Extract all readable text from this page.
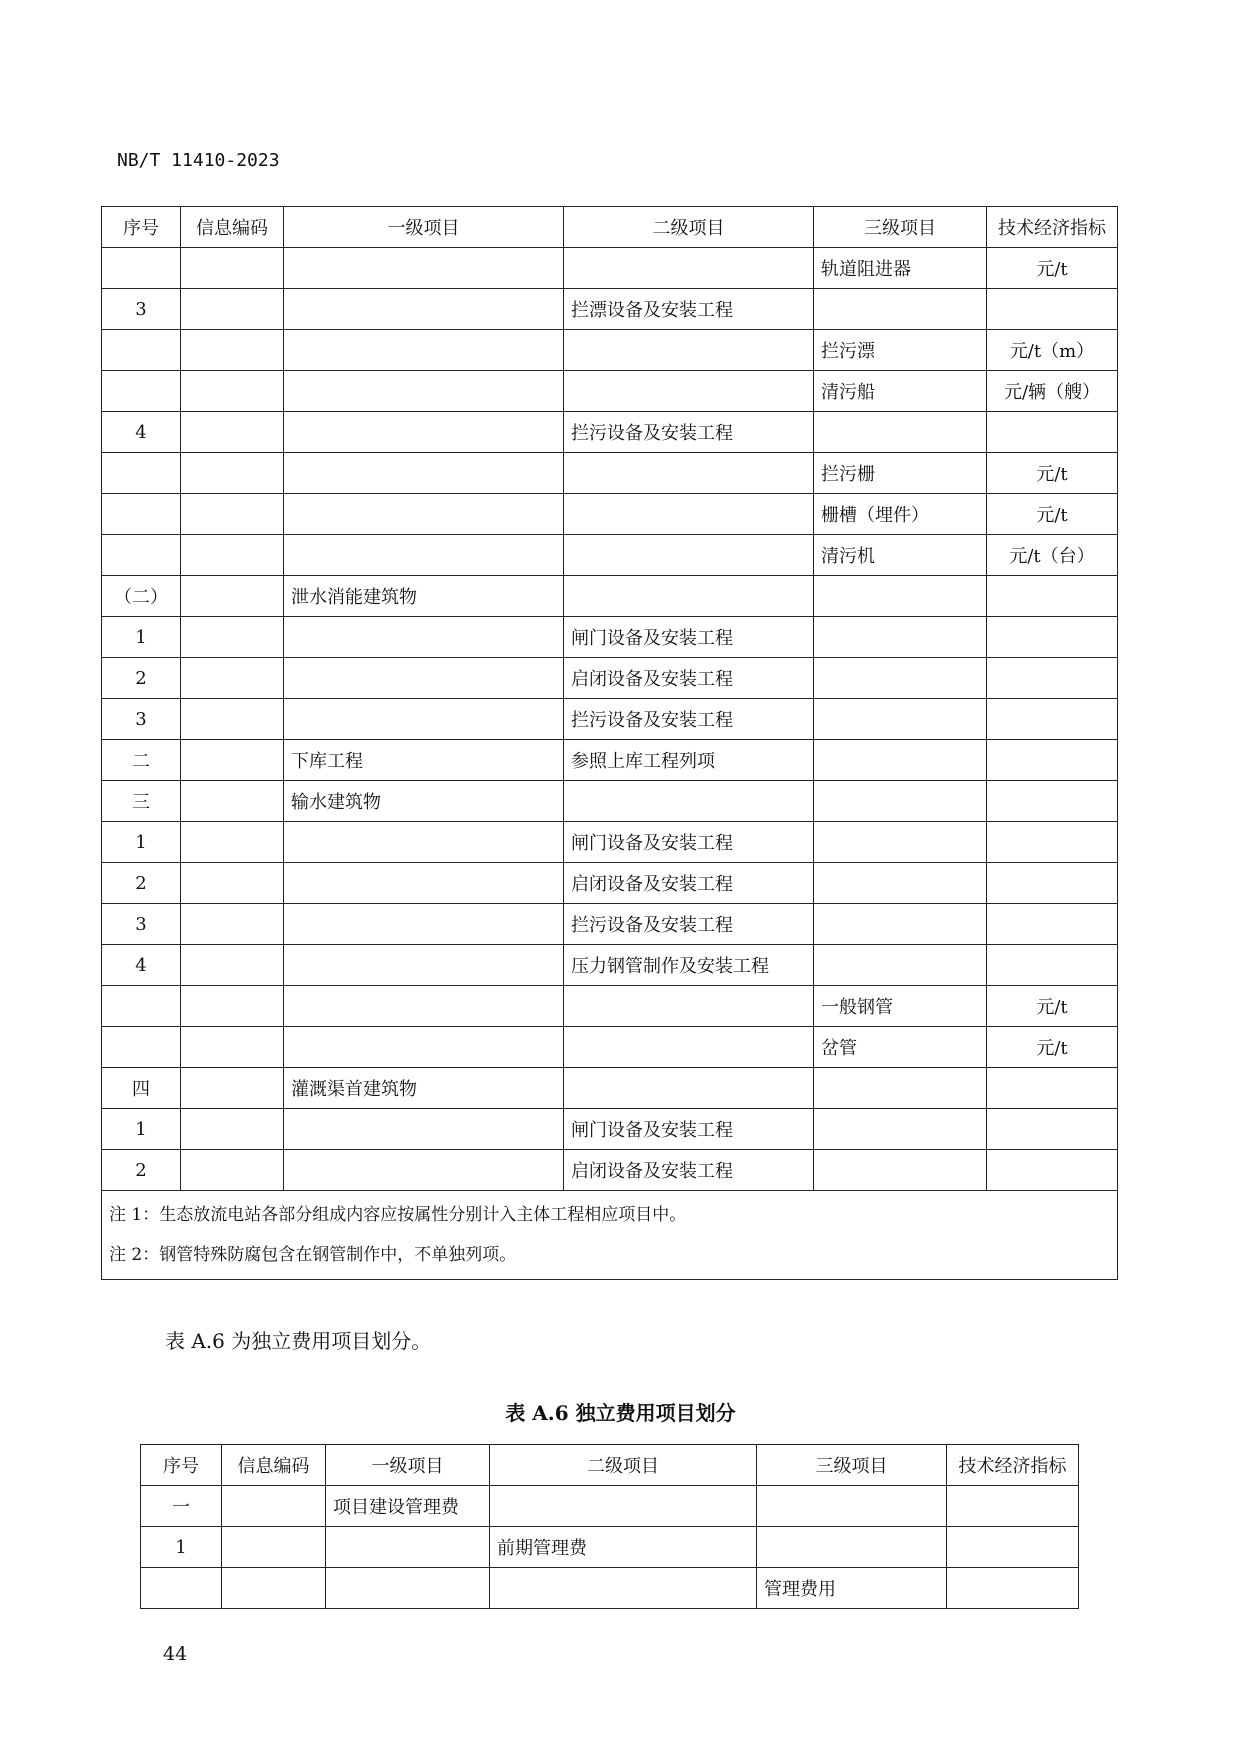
NB/T 11410-2023
序号	信息编码	一级项目	二级项目	三级项目	技术经济指标
				轨道阻进器	元/t
3			拦漂设备及安装工程		
				拦污漂	元/t（m）
				清污船	元/辆（艘）
4			拦污设备及安装工程		
				拦污栅	元/t
				栅槽（埋件）	元/t
				清污机	元/t（台）
（二）		泄水消能建筑物			
1			闸门设备及安装工程		
2			启闭设备及安装工程		
3			拦污设备及安装工程		
二		下库工程	参照上库工程列项		
三		输水建筑物			
1			闸门设备及安装工程		
2			启闭设备及安装工程		
3			拦污设备及安装工程		
4			压力钢管制作及安装工程		
				一般钢管	元/t
				岔管	元/t
四		灌溉渠首建筑物			
1			闸门设备及安装工程		
2			启闭设备及安装工程		

注 1：生态放流电站各部分组成内容应按属性分别计入主体工程相应项目中。
注 2：钢管特殊防腐包含在钢管制作中，不单独列项。					
表 A.6 为独立费用项目划分。
表 A.6 独立费用项目划分
序号	信息编码	一级项目	二级项目	三级项目	技术经济指标
一		项目建设管理费			
1			前期管理费		
				管理费用	
44
